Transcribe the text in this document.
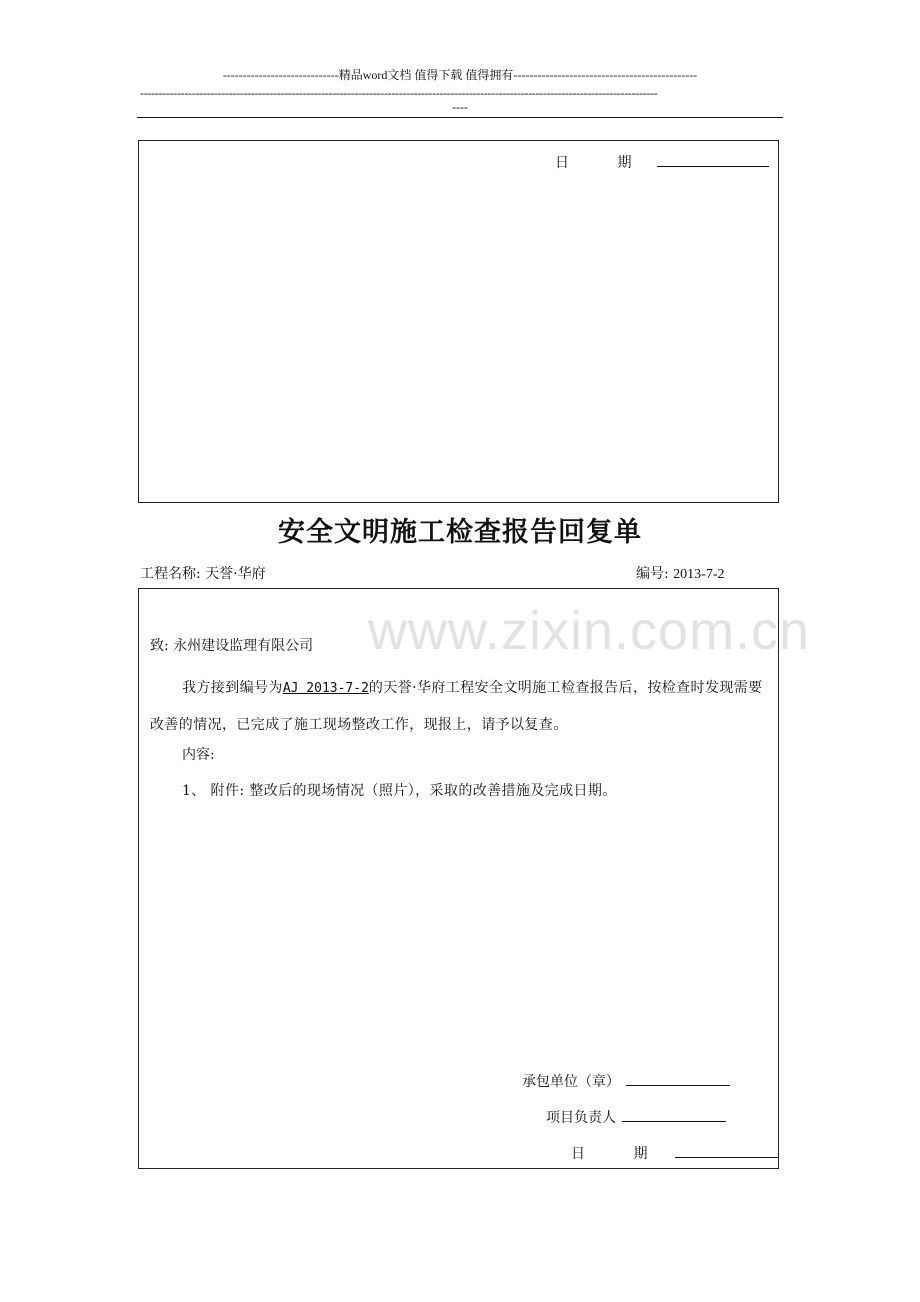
-----------------------------精品word文档 值得下载 值得拥有----------------------------------------------
--------------------------------------------------------------------------------------------------------------------------------------------
----
日 期
安全文明施工检查报告回复单
工程名称: 天誉·华府	编号: 2013-7-2
www.zixin.com.cn
致: 永州建设监理有限公司
我方接到编号为AJ 2013-7-2的天誉·华府工程安全文明施工检查报告后，按检查时发现需要改善的情况，已完成了施工现场整改工作，现报上，请予以复查。
内容:
1、 附件: 整改后的现场情况（照片），采取的改善措施及完成日期。
承包单位（章）
项目负责人
日 期
